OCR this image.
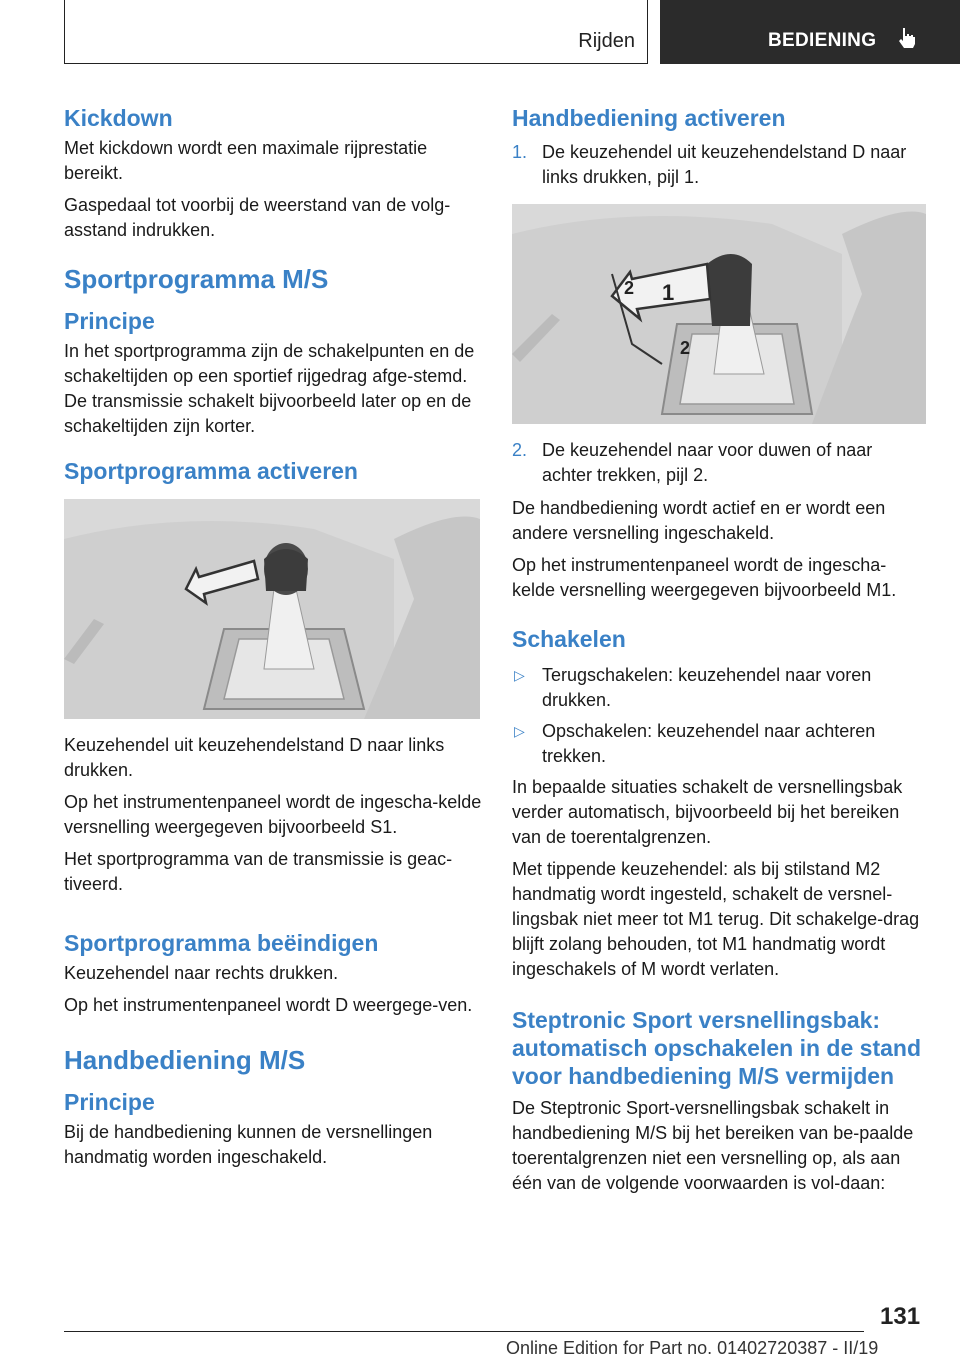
Rijden	BEDIENING
Kickdown

Met kickdown wordt een maximale rijprestatie bereikt.

Gaspedaal tot voorbij de weerstand van de volg-asstand indrukken.

Sportprogramma M/S
Principe

In het sportprogramma zijn de schakelpunten en de schakeltijden op een sportief rijgedrag afge-stemd. De transmissie schakelt bijvoorbeeld later op en de schakeltijden zijn korter.

Sportprogramma activeren

Keuzehendel uit keuzehendelstand D naar links drukken.

Op het instrumentenpaneel wordt de ingescha-kelde versnelling weergegeven bijvoorbeeld S1.

Het sportprogramma van de transmissie is geac-tiveerd.

Sportprogramma beëindigen

Keuzehendel naar rechts drukken.

Op het instrumentenpaneel wordt D weergege-ven.

Handbediening M/S
Principe

Bij de handbediening kunnen de versnellingen handmatig worden ingeschakeld.

Handbediening activeren
1. De keuzehendel uit keuzehendelstand D naar links drukken, pijl 1.
2 1
2
2. De keuzehendel naar voor duwen of naar achter trekken, pijl 2.

De handbediening wordt actief en er wordt een andere versnelling ingeschakeld.

Op het instrumentenpaneel wordt de ingescha-kelde versnelling weergegeven bijvoorbeeld M1.

Schakelen
▷ Terugschakelen: keuzehendel naar voren drukken.
▷ Opschakelen: keuzehendel naar achteren trekken.

In bepaalde situaties schakelt de versnellingsbak verder automatisch, bijvoorbeeld bij het bereiken van de toerentalgrenzen.

Met tippende keuzehendel: als bij stilstand M2 handmatig wordt ingesteld, schakelt de versnel-lingsbak niet meer tot M1 terug. Dit schakelge-drag blijft zolang behouden, tot M1 handmatig wordt ingeschakels of M wordt verlaten.

Steptronic Sport versnellingsbak: automatisch opschakelen in de stand voor handbediening M/S vermijden

De Steptronic Sport-versnellingsbak schakelt in handbediening M/S bij het bereiken van be-paalde toerentalgrenzen niet een versnelling op, als aan één van de volgende voorwaarden is vol-daan:

131
Online Edition for Part no. 01402720387 - II/19
